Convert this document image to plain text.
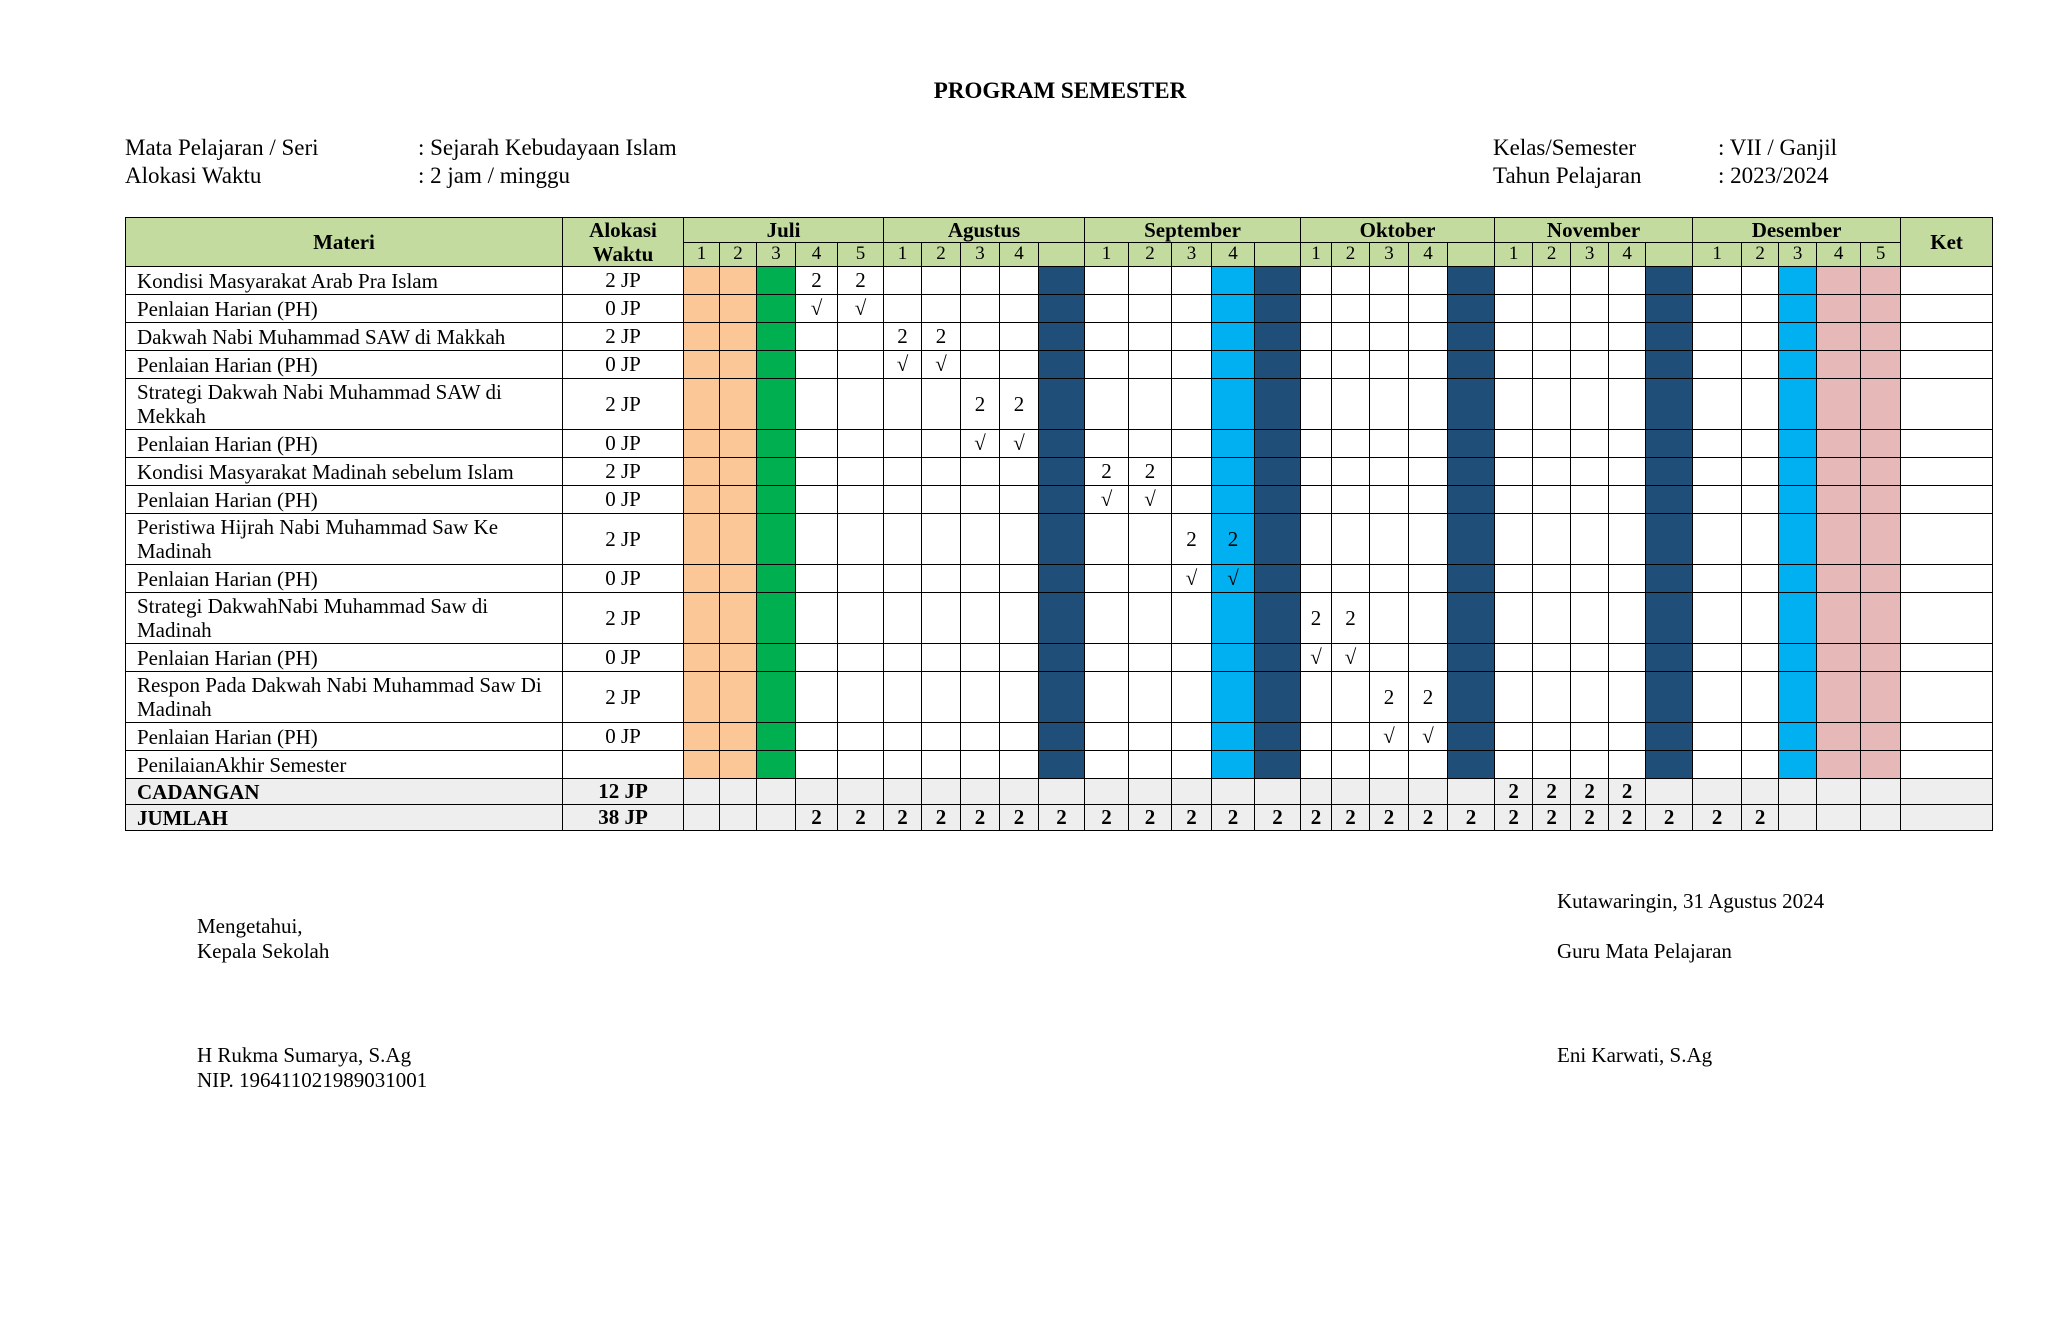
PROGRAM SEMESTER
Mata Pelajaran / Seri	: Sejarah Kebudayaan Islam
Alokasi Waktu	: 2 jam / minggu
Kelas/Semester	: VII / Ganjil
Tahun Pelajaran	: 2023/2024
Materi	Alokasi Waktu	Juli					Agustus					September					Oktober					November					Desember					Ket
		1	2	3	4	5	1	2	3	4		1	2	3	4		1	2	3	4		1	2	3	4		1	2	3	4	5	
Kondisi Masyarakat Arab Pra Islam	2 JP				2	2																										
Penlaian Harian (PH)	0 JP				√	√																										
Dakwah Nabi Muhammad SAW di Makkah	2 JP						2	2																								
Penlaian Harian (PH)	0 JP						√	√																								
Strategi Dakwah Nabi Muhammad SAW di Mekkah	2 JP								2	2																						
Penlaian Harian (PH)	0 JP								√	√																						
Kondisi Masyarakat Madinah sebelum Islam	2 JP											2	2																			
Penlaian Harian (PH)	0 JP											√	√																			
Peristiwa Hijrah Nabi Muhammad Saw Ke Madinah	2 JP													2	2																	
Penlaian Harian (PH)	0 JP													√	√																	
Strategi DakwahNabi Muhammad Saw di Madinah	2 JP																2	2														
Penlaian Harian (PH)	0 JP																√	√														
Respon Pada Dakwah Nabi Muhammad Saw Di Madinah	2 JP																		2	2												
Penlaian Harian (PH)	0 JP																		√	√												
PenilaianAkhir Semester																																
CADANGAN	12 JP																					2	2	2	2							
JUMLAH	38 JP				2	2	2	2	2	2	2	2	2	2	2	2	2	2	2	2	2	2	2	2	2	2	2	2				
Mengetahui,
Kepala Sekolah
H Rukma Sumarya, S.Ag
NIP. 196411021989031001
Kutawaringin, 31 Agustus 2024
Guru Mata Pelajaran
Eni Karwati, S.Ag
